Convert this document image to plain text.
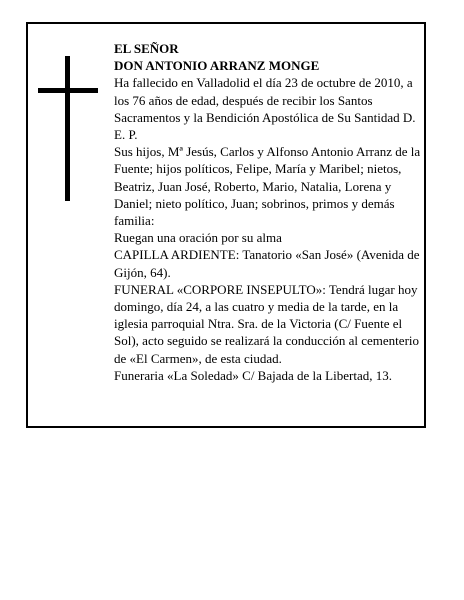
EL SEÑOR

DON ANTONIO ARRANZ MONGE

Ha fallecido en Valladolid el día 23 de octubre de 2010, a los 76 años de edad, después de recibir los Santos Sacramentos y la Bendición Apostólica de Su Santidad D. E. P.

Sus hijos, Mª Jesús, Carlos y Alfonso Antonio Arranz de la Fuente; hijos políticos, Felipe, María y Maribel; nietos, Beatriz, Juan José, Roberto, Mario, Natalia, Lorena y Daniel; nieto político, Juan; sobrinos, primos y demás familia:

Ruegan una oración por su alma

CAPILLA ARDIENTE: Tanatorio «San José» (Avenida de Gijón, 64).

FUNERAL «CORPORE INSEPULTO»: Tendrá lugar hoy domingo, día 24, a las cuatro y media de la tarde, en la iglesia parroquial Ntra. Sra. de la Victoria (C/ Fuente el Sol), acto seguido se realizará la conducción al cementerio de «El Carmen», de esta ciudad.

Funeraria «La Soledad» C/ Bajada de la Libertad, 13.
